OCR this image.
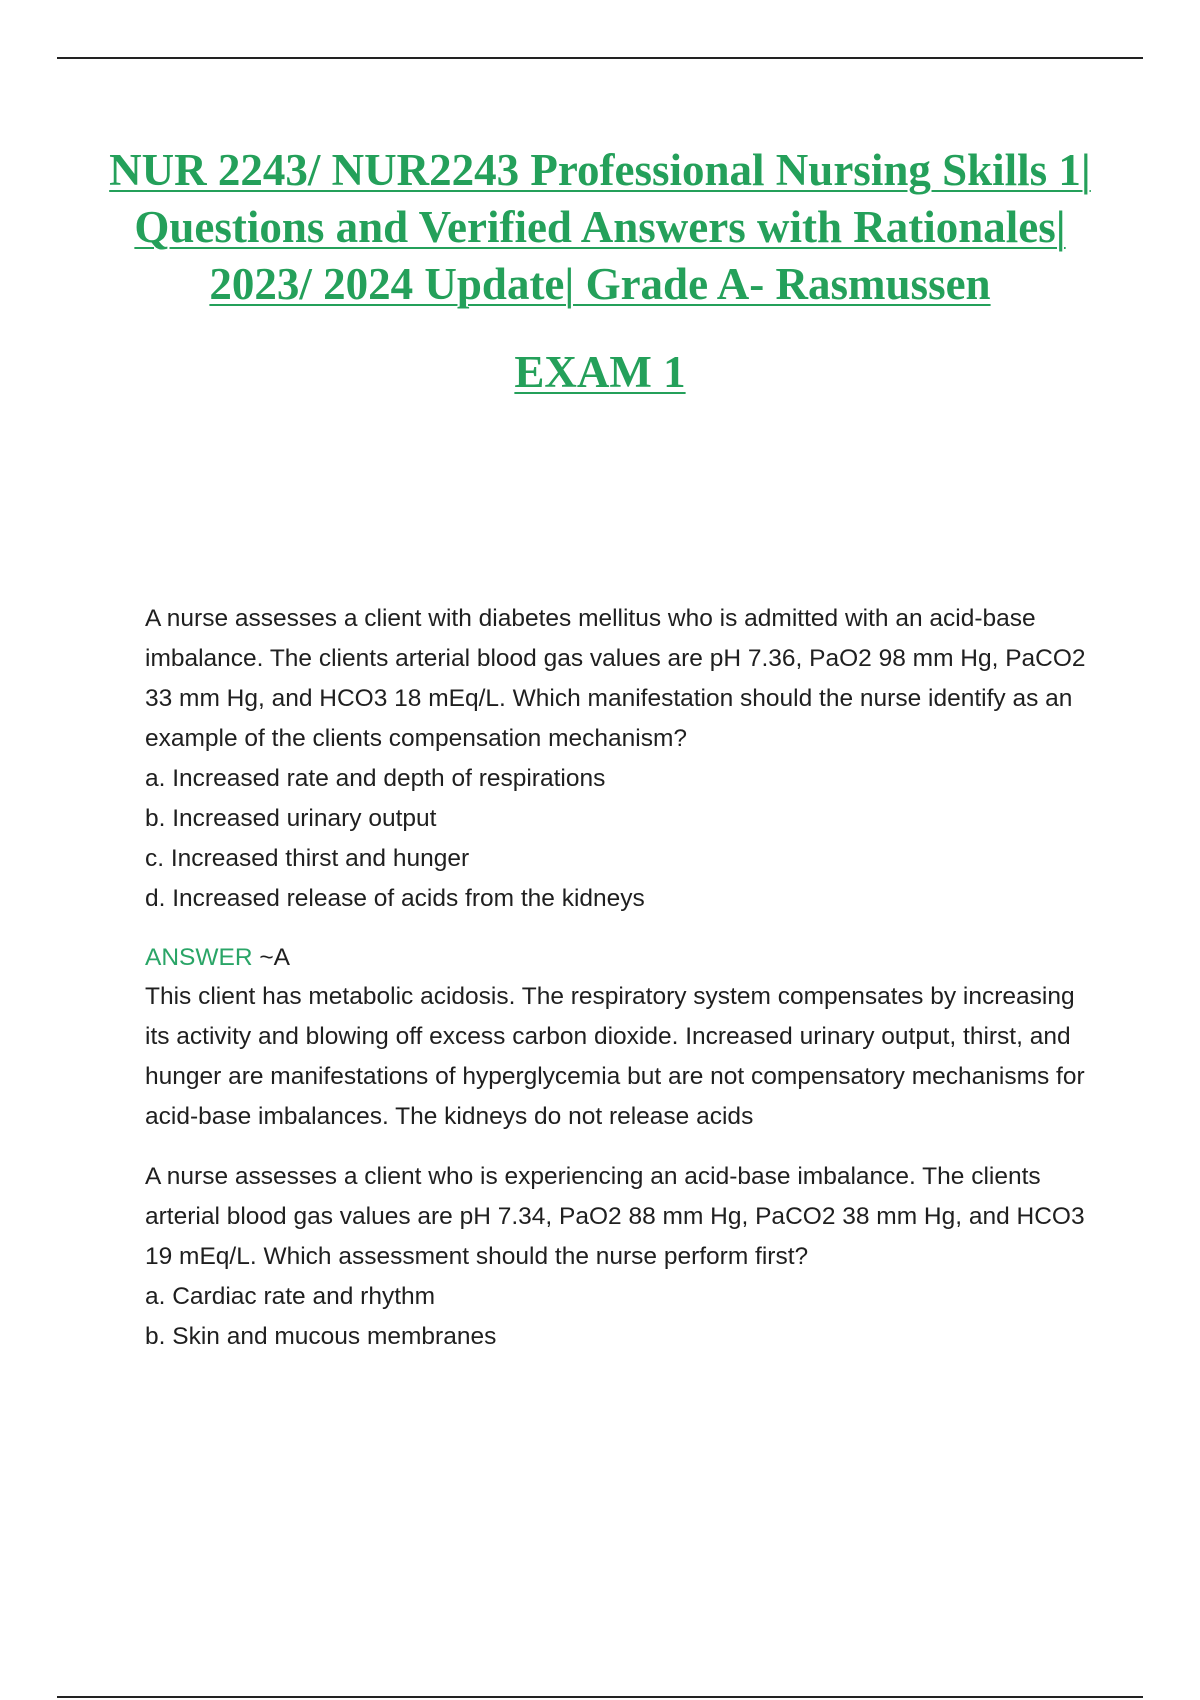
NUR 2243/ NUR2243 Professional Nursing Skills 1| Questions and Verified Answers with Rationales| 2023/ 2024 Update| Grade A- Rasmussen
EXAM 1

A nurse assesses a client with diabetes mellitus who is admitted with an acid-base imbalance. The clients arterial blood gas values are pH 7.36, PaO2 98 mm Hg, PaCO2 33 mm Hg, and HCO3 18 mEq/L. Which manifestation should the nurse identify as an example of the clients compensation mechanism?

a. Increased rate and depth of respirations
b. Increased urinary output
c. Increased thirst and hunger
d. Increased release of acids from the kidneys

ANSWER ~A

This client has metabolic acidosis. The respiratory system compensates by increasing its activity and blowing off excess carbon dioxide. Increased urinary output, thirst, and hunger are manifestations of hyperglycemia but are not compensatory mechanisms for acid-base imbalances. The kidneys do not release acids

A nurse assesses a client who is experiencing an acid-base imbalance. The clients arterial blood gas values are pH 7.34, PaO2 88 mm Hg, PaCO2 38 mm Hg, and HCO3 19 mEq/L. Which assessment should the nurse perform first?

a. Cardiac rate and rhythm
b. Skin and mucous membranes
